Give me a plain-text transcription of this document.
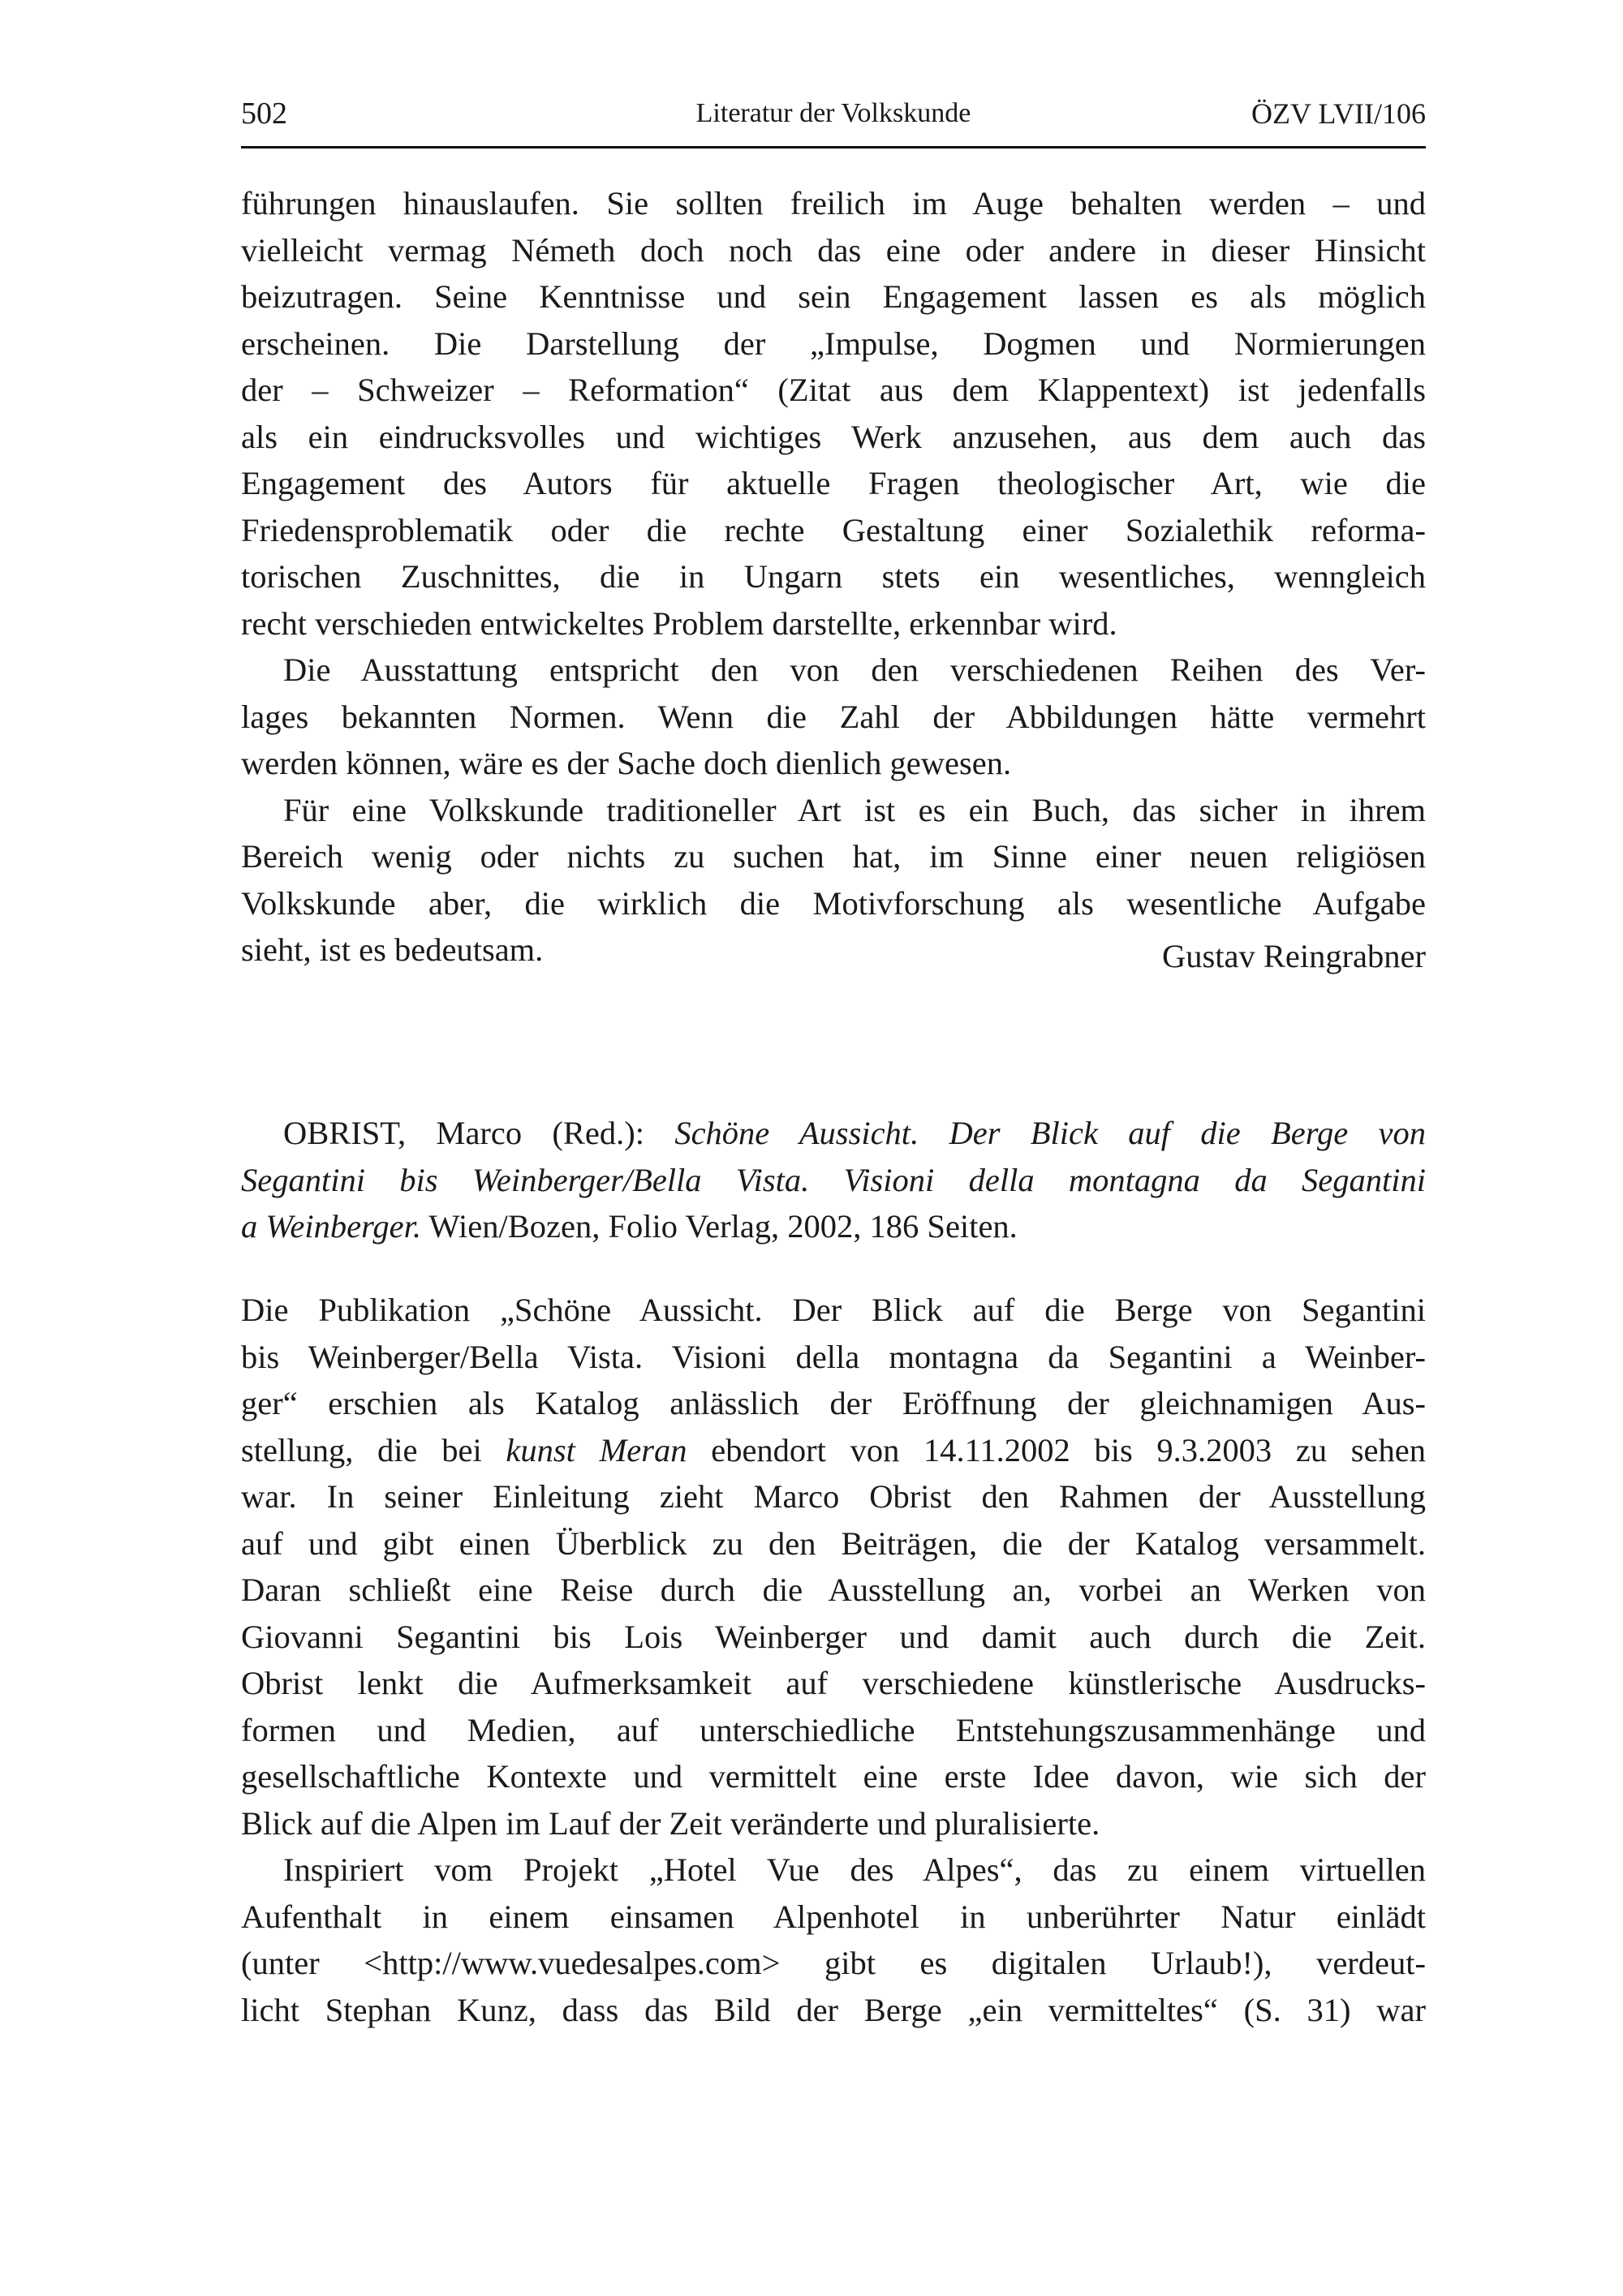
502	Literatur der Volkskunde	ÖZV LVII/106
führungen hinauslaufen. Sie sollten freilich im Auge behalten werden – und
vielleicht vermag Németh doch noch das eine oder andere in dieser Hinsicht
beizutragen. Seine Kenntnisse und sein Engagement lassen es als möglich
erscheinen. Die Darstellung der „Impulse, Dogmen und Normierungen
der – Schweizer – Reformation“ (Zitat aus dem Klappentext) ist jedenfalls
als ein eindrucksvolles und wichtiges Werk anzusehen, aus dem auch das
Engagement des Autors für aktuelle Fragen theologischer Art, wie die
Friedensproblematik oder die rechte Gestaltung einer Sozialethik reforma-
torischen Zuschnittes, die in Ungarn stets ein wesentliches, wenngleich
recht verschieden entwickeltes Problem darstellte, erkennbar wird.
Die Ausstattung entspricht den von den verschiedenen Reihen des Ver-
lages bekannten Normen. Wenn die Zahl der Abbildungen hätte vermehrt
werden können, wäre es der Sache doch dienlich gewesen.
Für eine Volkskunde traditioneller Art ist es ein Buch, das sicher in ihrem
Bereich wenig oder nichts zu suchen hat, im Sinne einer neuen religiösen
Volkskunde aber, die wirklich die Motivforschung als wesentliche Aufgabe
sieht, ist es bedeutsam.	Gustav Reingrabner
OBRIST, Marco (Red.): Schöne Aussicht. Der Blick auf die Berge von
Segantini bis Weinberger/Bella Vista. Visioni della montagna da Segantini
a Weinberger. Wien/Bozen, Folio Verlag, 2002, 186 Seiten.
Die Publikation „Schöne Aussicht. Der Blick auf die Berge von Segantini
bis Weinberger/Bella Vista. Visioni della montagna da Segantini a Weinber-
ger“ erschien als Katalog anlässlich der Eröffnung der gleichnamigen Aus-
stellung, die bei kunst Meran ebendort von 14.11.2002 bis 9.3.2003 zu sehen
war. In seiner Einleitung zieht Marco Obrist den Rahmen der Ausstellung
auf und gibt einen Überblick zu den Beiträgen, die der Katalog versammelt.
Daran schließt eine Reise durch die Ausstellung an, vorbei an Werken von
Giovanni Segantini bis Lois Weinberger und damit auch durch die Zeit.
Obrist lenkt die Aufmerksamkeit auf verschiedene künstlerische Ausdrucks-
formen und Medien, auf unterschiedliche Entstehungszusammenhänge und
gesellschaftliche Kontexte und vermittelt eine erste Idee davon, wie sich der
Blick auf die Alpen im Lauf der Zeit veränderte und pluralisierte.
Inspiriert vom Projekt „Hotel Vue des Alpes“, das zu einem virtuellen
Aufenthalt in einem einsamen Alpenhotel in unberührter Natur einlädt
(unter <http://www.vuedesalpes.com> gibt es digitalen Urlaub!), verdeut-
licht Stephan Kunz, dass das Bild der Berge „ein vermitteltes“ (S. 31) war
